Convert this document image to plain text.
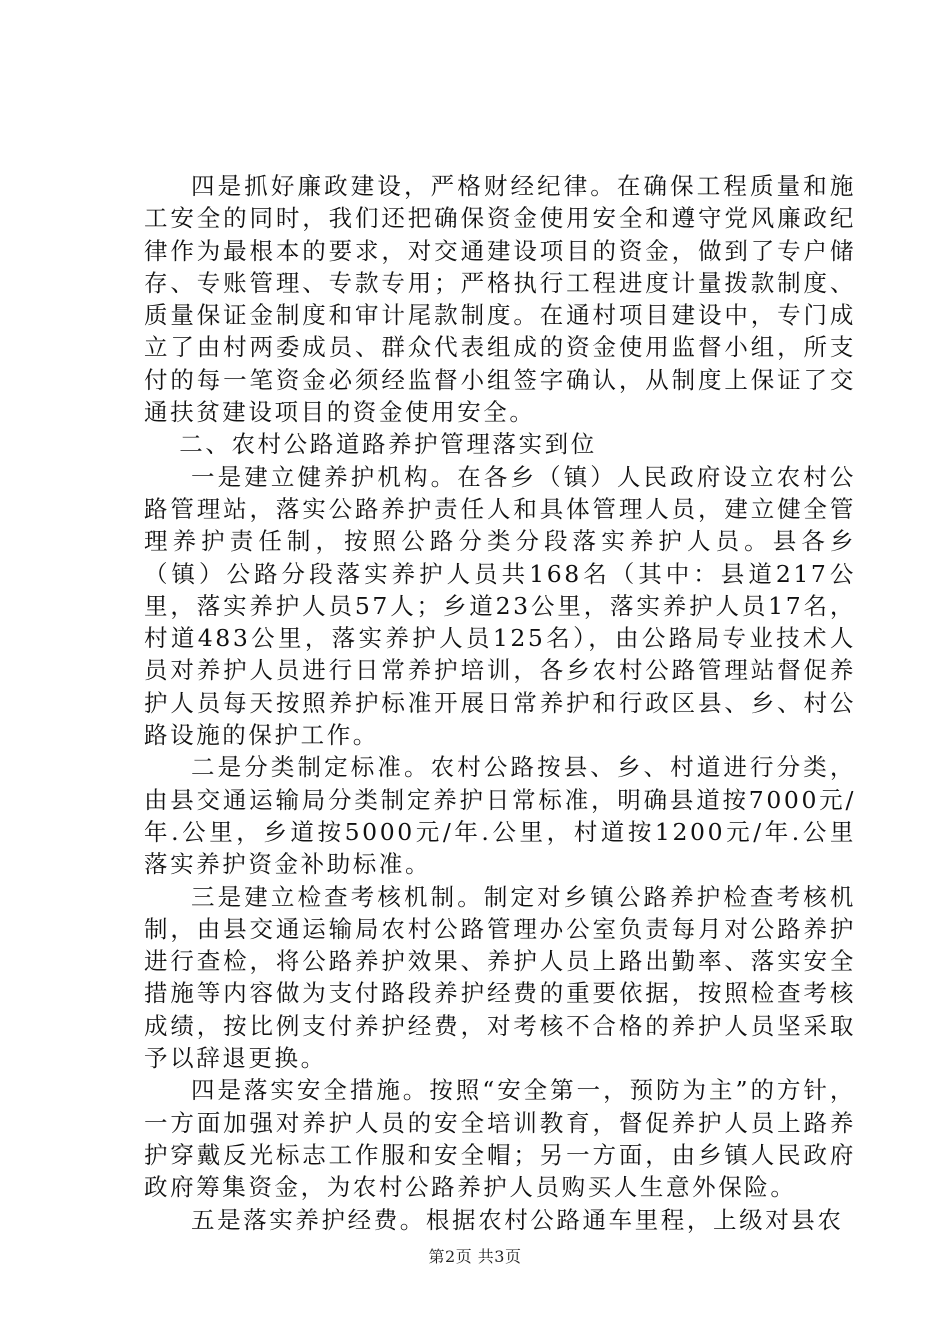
四是抓好廉政建设，严格财经纪律。在确保工程质量和施工安全的同时，我们还把确保资金使用安全和遵守党风廉政纪律作为最根本的要求，对交通建设项目的资金，做到了专户储存、专账管理、专款专用；严格执行工程进度计量拨款制度、质量保证金制度和审计尾款制度。在通村项目建设中，专门成立了由村两委成员、群众代表组成的资金使用监督小组，所支付的每一笔资金必须经监督小组签字确认，从制度上保证了交通扶贫建设项目的资金使用安全。

二、农村公路道路养护管理落实到位

一是建立健养护机构。在各乡（镇）人民政府设立农村公路管理站，落实公路养护责任人和具体管理人员，建立健全管理养护责任制，按照公路分类分段落实养护人员。县各乡（镇）公路分段落实养护人员共168名（其中：县道217公里，落实养护人员57人；乡道23公里，落实养护人员17名，村道483公里，落实养护人员125名），由公路局专业技术人员对养护人员进行日常养护培训，各乡农村公路管理站督促养护人员每天按照养护标准开展日常养护和行政区县、乡、村公路设施的保护工作。

二是分类制定标准。农村公路按县、乡、村道进行分类，由县交通运输局分类制定养护日常标准，明确县道按7000元/年.公里，乡道按5000元/年.公里，村道按1200元/年.公里落实养护资金补助标准。

三是建立检查考核机制。制定对乡镇公路养护检查考核机制，由县交通运输局农村公路管理办公室负责每月对公路养护进行查检，将公路养护效果、养护人员上路出勤率、落实安全措施等内容做为支付路段养护经费的重要依据，按照检查考核成绩，按比例支付养护经费，对考核不合格的养护人员坚采取予以辞退更换。

四是落实安全措施。按照“安全第一，预防为主”的方针，一方面加强对养护人员的安全培训教育，督促养护人员上路养护穿戴反光标志工作服和安全帽；另一方面，由乡镇人民政府政府筹集资金，为农村公路养护人员购买人生意外保险。

五是落实养护经费。根据农村公路通车里程，上级对县农

第2页 共3页
